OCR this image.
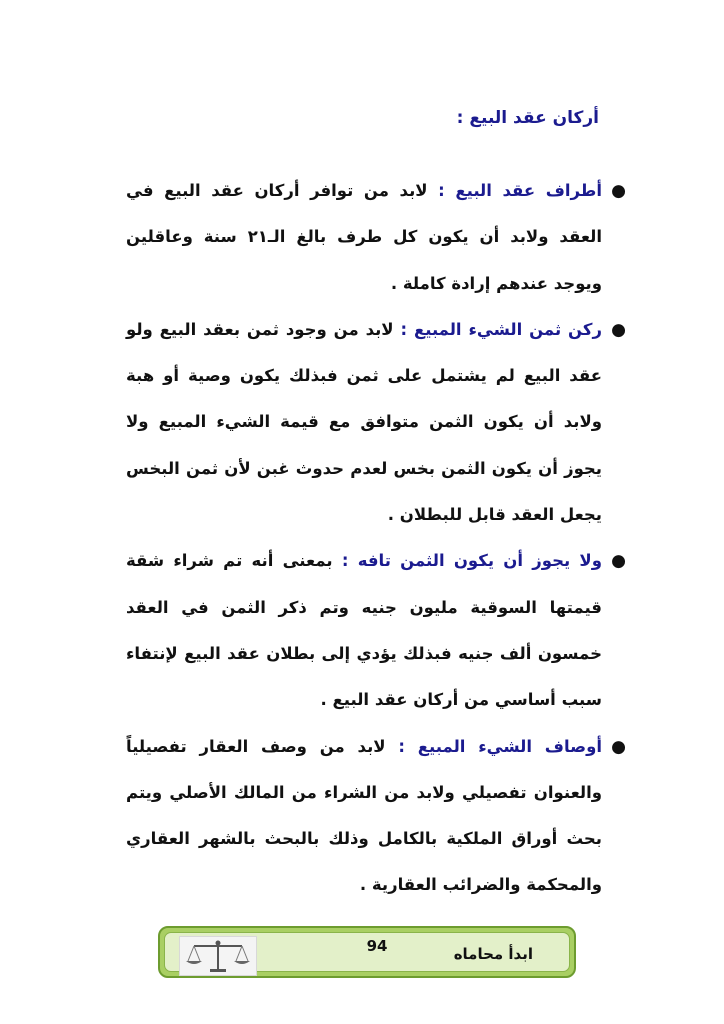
أركان عقد البيع :
●
أطراف عقد البيع : لابد من توافر أركان عقد البيع في العقد ولابد أن يكون كل طرف بالغ الـ٢١ سنة وعاقلين ويوجد عندهم إرادة كاملة .
●
ركن ثمن الشيء المبيع : لابد من وجود ثمن بعقد البيع ولو عقد البيع لم يشتمل على ثمن فبذلك يكون وصية أو هبة ولابد أن يكون الثمن متوافق مع قيمة الشيء المبيع ولا يجوز أن يكون الثمن بخس لعدم حدوث غبن لأن ثمن البخس يجعل العقد قابل للبطلان .
●
ولا يجوز أن يكون الثمن تافه : بمعنى أنه تم شراء شقة قيمتها السوقية مليون جنيه وتم ذكر الثمن في العقد خمسون ألف جنيه فبذلك يؤدي إلى بطلان عقد البيع لإنتفاء سبب أساسي من أركان عقد البيع .
●
أوصاف الشيء المبيع : لابد من وصف العقار تفصيلياً والعنوان تفصيلي ولابد من الشراء من المالك الأصلي ويتم بحث أوراق الملكية بالكامل وذلك بالبحث بالشهر العقاري والمحكمة والضرائب العقارية .
94	ابدأ محاماه
